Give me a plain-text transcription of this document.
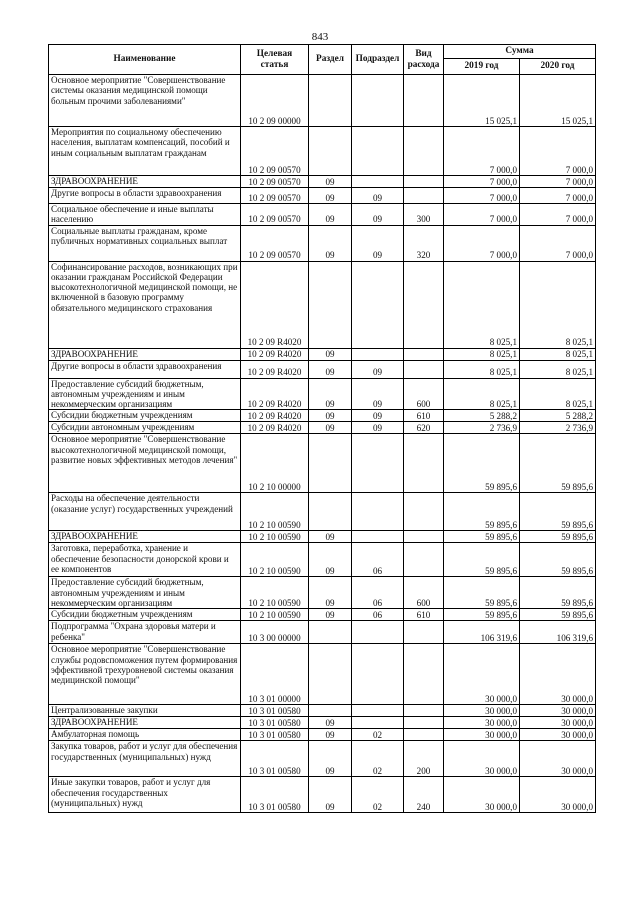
843
Наименование	Целевая статья	Раздел	Подраздел	Вид расхода	Сумма	
					2019 год	2020 год
Основное мероприятие "Совершенствование системы оказания медицинской помощи больным прочими заболеваниями"	10 2 09 00000				15 025,1	15 025,1
Мероприятия по социальному обеспечению населения, выплатам компенсаций, пособий и иным социальным выплатам гражданам	10 2 09 00570				7 000,0	7 000,0
ЗДРАВООХРАНЕНИЕ	10 2 09 00570	09			7 000,0	7 000,0
Другие вопросы в области здравоохранения	10 2 09 00570	09	09		7 000,0	7 000,0
Социальное обеспечение и иные выплаты населению	10 2 09 00570	09	09	300	7 000,0	7 000,0
Социальные выплаты гражданам, кроме публичных нормативных социальных выплат	10 2 09 00570	09	09	320	7 000,0	7 000,0
Софинансирование расходов, возникающих при оказании гражданам Российской Федерации высокотехнологичной медицинской помощи, не включенной в базовую программу обязательного медицинского страхования	10 2 09 R4020				8 025,1	8 025,1
ЗДРАВООХРАНЕНИЕ	10 2 09 R4020	09			8 025,1	8 025,1
Другие вопросы в области здравоохранения	10 2 09 R4020	09	09		8 025,1	8 025,1
Предоставление субсидий бюджетным, автономным учреждениям и иным некоммерческим организациям	10 2 09 R4020	09	09	600	8 025,1	8 025,1
Субсидии бюджетным учреждениям	10 2 09 R4020	09	09	610	5 288,2	5 288,2
Субсидии автономным учреждениям	10 2 09 R4020	09	09	620	2 736,9	2 736,9
Основное мероприятие "Совершенствование высокотехнологичной медицинской помощи, развитие новых эффективных методов лечения"	10 2 10 00000				59 895,6	59 895,6
Расходы на обеспечение деятельности (оказание услуг) государственных учреждений	10 2 10 00590				59 895,6	59 895,6
ЗДРАВООХРАНЕНИЕ	10 2 10 00590	09			59 895,6	59 895,6
Заготовка, переработка, хранение и обеспечение безопасности донорской крови и ее компонентов	10 2 10 00590	09	06		59 895,6	59 895,6
Предоставление субсидий бюджетным, автономным учреждениям и иным некоммерческим организациям	10 2 10 00590	09	06	600	59 895,6	59 895,6
Субсидии бюджетным учреждениям	10 2 10 00590	09	06	610	59 895,6	59 895,6
Подпрограмма "Охрана здоровья матери и ребенка"	10 3 00 00000				106 319,6	106 319,6
Основное мероприятие "Совершенствование службы родовспоможения путем формирования эффективной трехуровневой системы оказания медицинской помощи"	10 3 01 00000				30 000,0	30 000,0
Централизованные закупки	10 3 01 00580				30 000,0	30 000,0
ЗДРАВООХРАНЕНИЕ	10 3 01 00580	09			30 000,0	30 000,0
Амбулаторная помощь	10 3 01 00580	09	02		30 000,0	30 000,0
Закупка товаров, работ и услуг для обеспечения государственных (муниципальных) нужд	10 3 01 00580	09	02	200	30 000,0	30 000,0
Иные закупки товаров, работ и услуг для обеспечения государственных (муниципальных) нужд	10 3 01 00580	09	02	240	30 000,0	30 000,0
